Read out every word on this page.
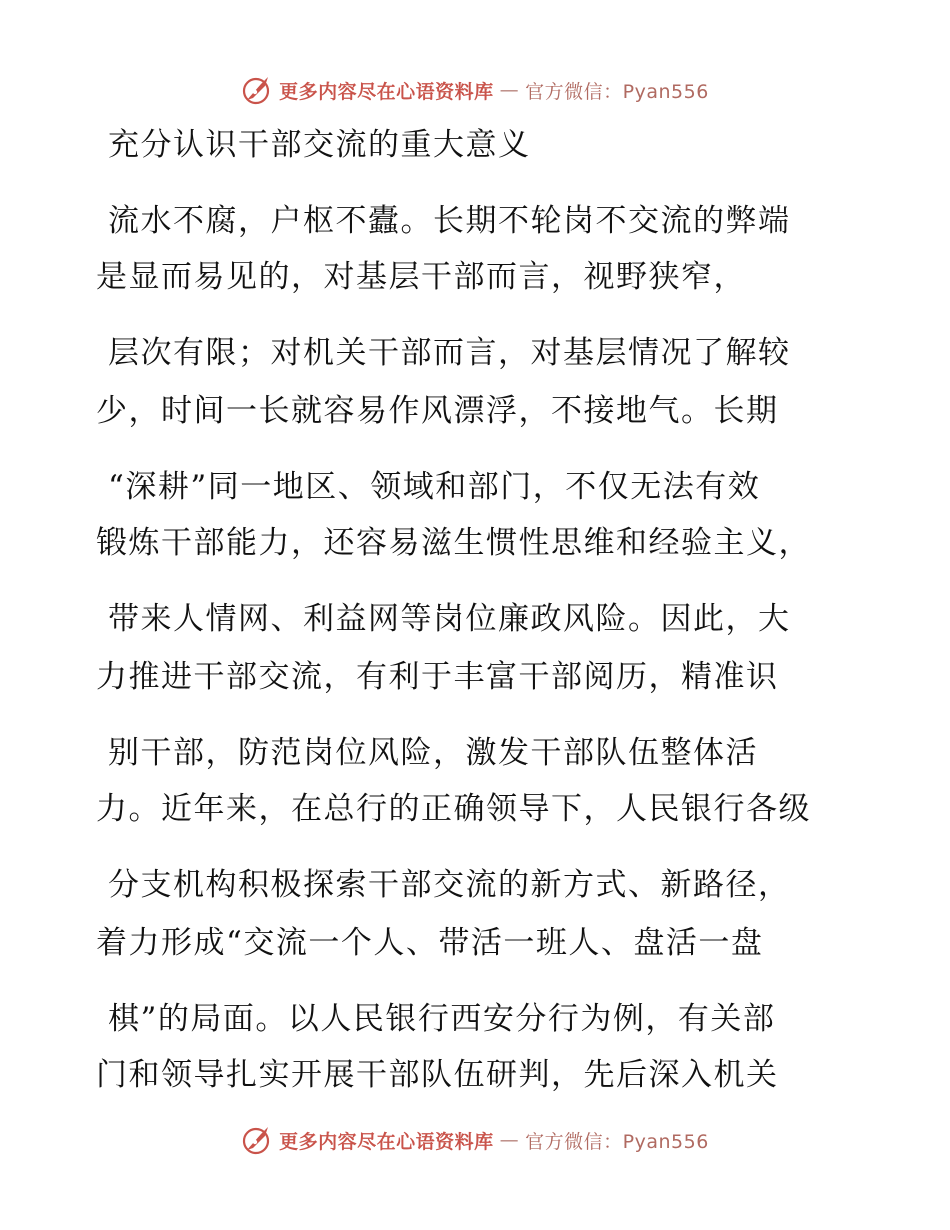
更多内容尽在心语资料库 — 官方微信：Pyan556
充分认识干部交流的重大意义
流水不腐，户枢不蠹。长期不轮岗不交流的弊端
是显而易见的，对基层干部而言，视野狭窄，
层次有限；对机关干部而言，对基层情况了解较
少，时间一长就容易作风漂浮，不接地气。长期
“深耕”同一地区、领域和部门，不仅无法有效
锻炼干部能力，还容易滋生惯性思维和经验主义，
带来人情网、利益网等岗位廉政风险。因此，大
力推进干部交流，有利于丰富干部阅历，精准识
别干部，防范岗位风险，激发干部队伍整体活
力。近年来，在总行的正确领导下，人民银行各级
分支机构积极探索干部交流的新方式、新路径，
着力形成“交流一个人、带活一班人、盘活一盘
棋”的局面。以人民银行西安分行为例，有关部
门和领导扎实开展干部队伍研判，先后深入机关
更多内容尽在心语资料库 — 官方微信：Pyan556
